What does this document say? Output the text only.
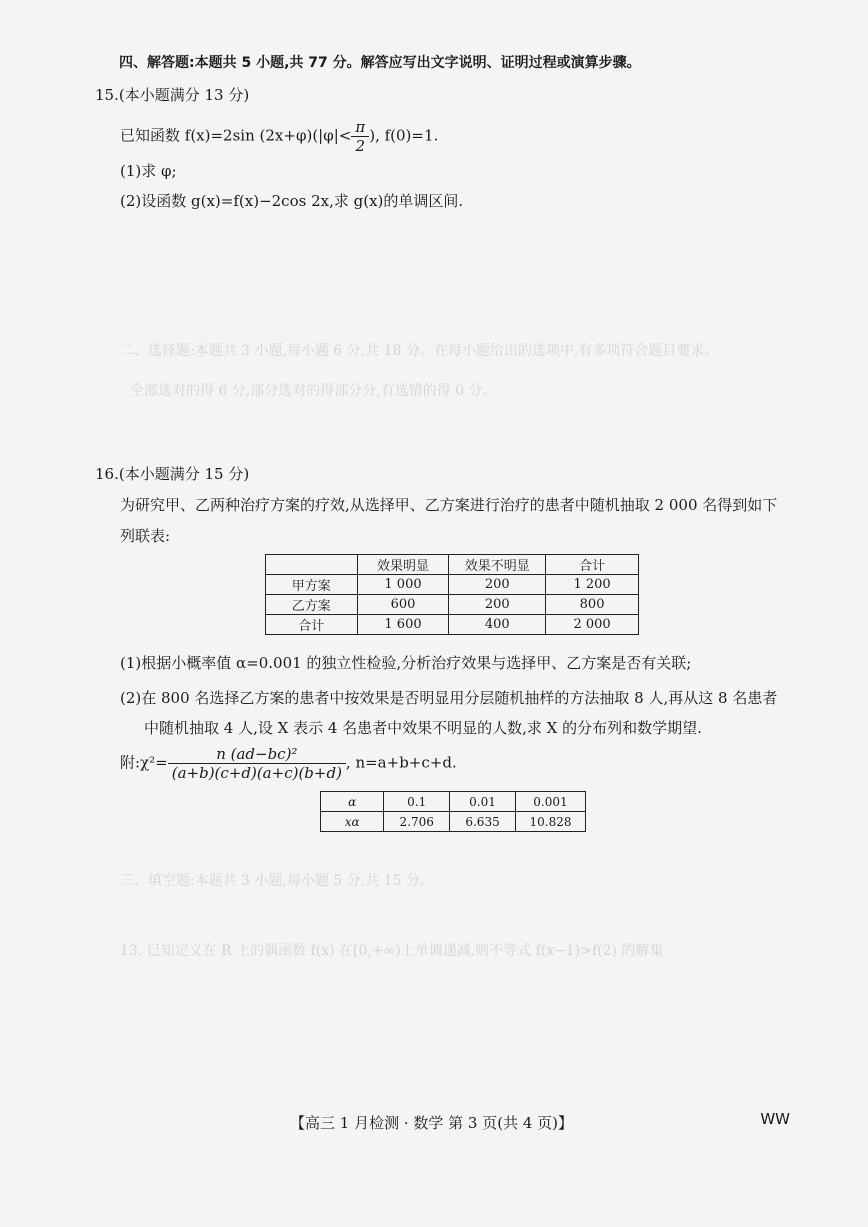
二、选择题:本题共 3 小题,每小题 6 分,共 18 分。在每小题给出的选项中,有多项符合题目要求。
全部选对的得 6 分,部分选对的得部分分,有选错的得 0 分。
三、填空题:本题共 3 小题,每小题 5 分,共 15 分。
13. 已知定义在 R 上的偶函数 f(x) 在[0,+∞)上单调递减,则不等式 f(x−1)>f(2) 的解集
四、解答题:本题共 5 小题,共 77 分。解答应写出文字说明、证明过程或演算步骤。
15.(本小题满分 13 分)
已知函数 f(x)=2sin $(2x+\varphi)(|\varphi|< \frac{\pi}{2}$ ), f(0)=1.
(1)求 φ;
(2)设函数 g(x)=f(x)−2cos 2x,求 g(x)的单调区间.
16.(本小题满分 15 分)
为研究甲、乙两种治疗方案的疗效,从选择甲、乙方案进行治疗的患者中随机抽取 2 000 名得到如下
列联表:
	效果明显	效果不明显	合计
甲方案	1 000	200	1 200
乙方案	600	200	800
合计	1 600	400	2 000
(1)根据小概率值 α=0.001 的独立性检验,分析治疗效果与选择甲、乙方案是否有关联;
(2)在 800 名选择乙方案的患者中按效果是否明显用分层随机抽样的方法抽取 8 人,再从这 8 名患者
中随机抽取 4 人,设 X 表示 4 名患者中效果不明显的人数,求 X 的分布列和数学期望.
附:χ²= $\frac{\text{n (ad−bc)²}}{(a+b)(c+d)(a+c)(b+d)}$ , n=a+b+c+d.
α	0.1	0.01	0.001
xα	2.706	6.635	10.828
【高三 1 月检测 · 数学 第 3 页(共 4 页)】	WW
